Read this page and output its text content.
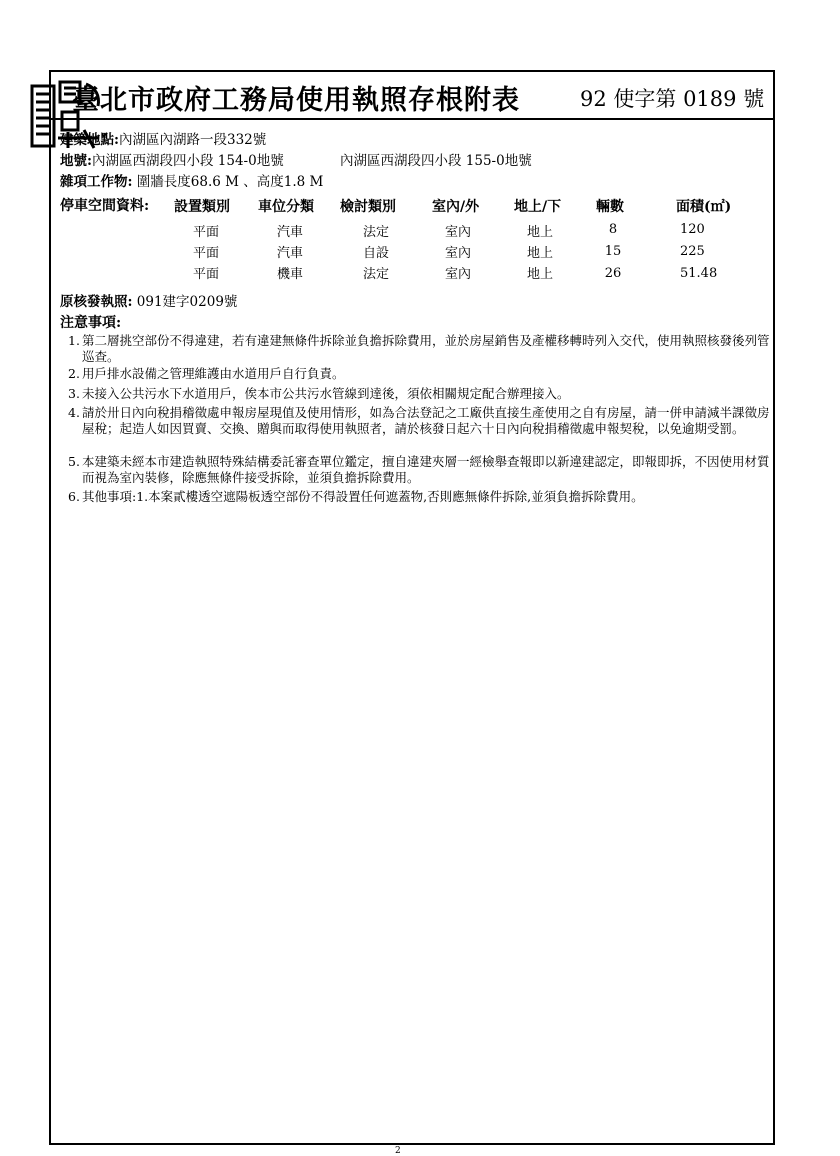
臺北市政府工務局使用執照存根附表	92 使字第 0189 號
建築地點:內湖區內湖路一段332號
地號:內湖區西湖段四小段 154-0地號	內湖區西湖段四小段 155-0地號
雜項工作物: 圍牆長度68.6 M 、高度1.8 M
停車空間資料: 設置類別	車位分類	檢討類別	室內/外	地上/下	輛數	面積(㎡)
平面	汽車	法定	室內	地上	8	120
平面	汽車	自設	室內	地上	15	225
平面	機車	法定	室內	地上	26	51.48
原核發執照: 091建字0209號
注意事項:
1. 第二層挑空部份不得違建，若有違建無條件拆除並負擔拆除費用，並於房屋銷售及產權移轉時列入交代，使用執照核發後列管巡查。
2. 用戶排水設備之管理維護由水道用戶自行負責。
3. 未接入公共污水下水道用戶，俟本市公共污水管線到達後，須依相關規定配合辦理接入。
4. 請於卅日內向稅捐稽徵處申報房屋現值及使用情形，如為合法登記之工廠供直接生產使用之自有房屋，請一併申請減半課徵房屋稅；起造人如因買賣、交換、贈與而取得使用執照者，請於核發日起六十日內向稅捐稽徵處申報契稅，以免逾期受罰。
5. 本建築未經本市建造執照特殊結構委託審查單位鑑定，擅自違建夾層一經檢舉查報即以新違建認定，即報即拆，不因使用材質而視為室內裝修，除應無條件接受拆除，並須負擔拆除費用。
6. 其他事項:1.本案貳樓透空遮陽板透空部份不得設置任何遮蓋物,否則應無條件拆除,並須負擔拆除費用。
2
